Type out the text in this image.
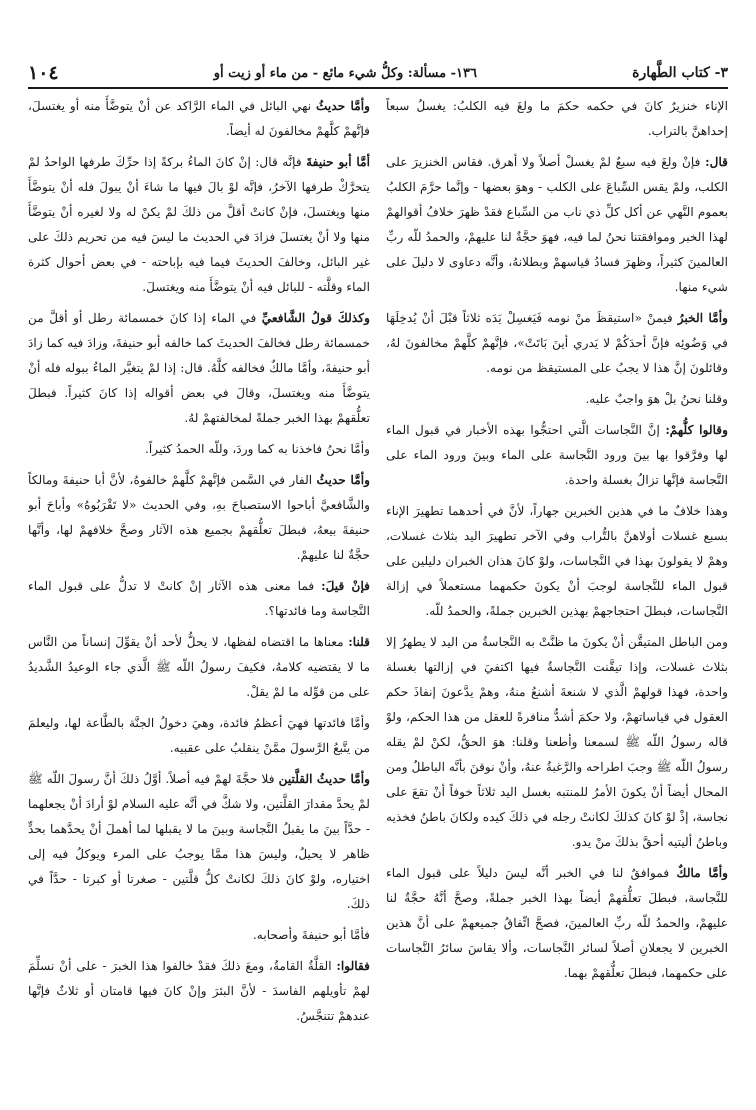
٣- كتاب الطَّهارة
١٣٦- مسألة: وكلُّ شيء مائع - من ماء أو زيت أو
١٠٤

الإناء خنزيرٌ كانَ في حكمه حكمَ ما ولغَ فيه الكلبُ: يغسلُ سبعاً إحداهنَّ بالتراب.

قال: فإنْ ولغَ فيه سبعٌ لمْ يغسلْ أصلاً ولا أهرق. فقاس الخنزيرَ على الكلب، ولمْ يقس السِّباعَ على الكلب - وهوَ بعضها - وإنَّما حرَّمَ الكلبُ بعموم النَّهي عن أكل كلِّ ذي ناب من السِّباع فقدْ ظهرَ خلافُ أقوالهمْ لهذا الخبر وموافقتنا نحنُ لما فيه، فهوَ حجَّةٌ لنا عليهمْ، والحمدُ للّه ربِّ العالمينَ كثيراً، وظهرَ فسادُ قياسهمْ وبطلانهُ، وأنَّه دعاوى لا دليلَ على شيء منها.

وأمَّا الخبرُ فيمنْ «استيقظَ منْ نومه فَيَغسِلْ يَدَه ثلاثاً قبْلَ أنْ يُدخِلَهَا في وَضُوئِه فإنَّ أحدَكُمْ لا يَدري أينَ بَاتَتْ»، فإنَّهمْ كلَّهمْ مخالفونَ لهُ، وقائلونَ إنَّ هذا لا يجبُ على المستيقظ من نومه.

وقلنا نحنُ بلْ هوَ واجبٌ عليه.

وقالوا كلُّهمْ: إنَّ النَّجاسات الَّتي احتجُّوا بهذه الأخبار في قبول الماء لها وفرَّقوا بها بينَ ورود النَّجاسة على الماء وبينَ ورود الماء على النَّجاسة فإنَّها تزالُ بغسلة واحدة.

وهذا خلافٌ ما في هذين الخبرين جهاراً، لأنَّ في أحدهما تطهيرَ الإناء بسبع غسلات أولاهنَّ بالتُّراب وفي الآخر تطهيرَ اليد بثلاث غسلات، وهمْ لا يقولونَ بهذا في النَّجاسات، ولوْ كانَ هذان الخبران دليلين على قبول الماء للنَّجاسة لوجبَ أنْ يكونَ حكمهما مستعملاً في إزالة النَّجاسات، فبطلَ احتجاجهمْ بهذين الخبرين جملةً، والحمدُ للّه.

ومن الباطل المتيقَّن أنْ يكونَ ما ظنَّتْ به النَّجاسةُ من اليد لا يطهرُ إلا بثلاث غسلات، وإذا تيقَّنت النَّجاسةُ فيها اكتفيَ في إزالتها بغسلة واحدة، فهذا قولهمْ الَّذي لا شنعةَ أشنعُ منهُ، وهمْ يدَّعونَ إنفاذَ حكم العقول في قياساتهمْ، ولا حكمَ أشدُّ منافرةً للعقل من هذا الحكم، ولوْ قاله رسولُ اللّه ﷺ لسمعنا وأطعنا وقلنا: هوَ الحقُّ، لكنْ لمْ يقله رسولُ اللّه ﷺ وجبَ اطراحه والرَّغبةُ عنهُ، وأنْ نوقنَ بأنَّه الباطلُ ومن المحال أيضاً أنْ يكونَ الأمرُ للمنتبه بغسل اليد ثلاثاً خوفاً أنْ تقعَ على نجاسة، إذْ لوْ كانَ كذلكَ لكانتْ رجله في ذلكَ كيده ولكانَ باطنُ فخذيه وباطنُ أليتيه أحقَّ بذلكَ منْ يدو.

وأمَّا مالكٌ فموافقٌ لنا في الخبر أنَّه ليسَ دليلاً على قبول الماء للنَّجاسة، فبطلَ تعلُّقهمْ أيضاً بهذا الخبر جملةً، وصحَّ أنَّهُ حجَّةٌ لنا عليهمْ، والحمدُ للّه ربِّ العالمينَ، فصحَّ اتِّفاقُ جميعهمْ على أنَّ هذين الخبرين لا يجعلانِ أصلاً لسائر النَّجاسات، وألا يقاسَ سائرُ النَّجاسات على حكمهما، فبطلَ تعلُّقهمْ بهما.

وأمَّا حديثُ نهي البائل في الماء الرَّاكد عن أنْ يتوضَّأَ منه أو يغتسلَ، فإنَّهمْ كلَّهمْ مخالفونَ له أيضاً.

أمَّا أبو حنيفةَ فإنَّه قال: إنْ كانَ الماءُ بركةً إذا حرِّكَ طرفها الواحدُ لمْ يتحرَّكْ طرفها الآخرُ، فإنَّه لوْ بالَ فيها ما شاءَ أنْ يبولَ فله أنْ يتوضَّأَ منها ويغتسلَ، فإنْ كانتْ أقلَّ من ذلكَ لمْ يكنْ له ولا لغيره أنْ يتوضَّأَ منها ولا أنْ يغتسلَ فزادَ في الحديث ما ليسَ فيه من تحريم ذلكَ على غير البائل، وخالفَ الحديثَ فيما فيه بإباحته - في بعض أحوال كثرة الماء وقلَّته - للبائل فيه أنْ يتوضَّأَ منه ويغتسلَ.

وكذلكَ قولُ الشَّافعيِّ في الماء إذا كانَ خمسمائة رطل أو أقلَّ من خمسمائة رطل فخالفَ الحديثَ كما خالفه أبو حنيفةَ، وزادَ فيه كما زادَ أبو حنيفةَ، وأمَّا مالكٌ فخالفه كلَّهُ. قال: إذا لمْ يتغيَّر الماءُ ببوله فله أنْ يتوضَّأَ منه ويغتسلَ، وقالَ في بعض أقواله إذا كانَ كثيراً. فبطلَ تعلُّقهمْ بهذا الخبر جملةً لمخالفتهمْ لهُ.

وأمَّا نحنُ فاخذنا به كما وردَ، وللّه الحمدُ كثيراً.

وأمَّا حديثُ الفار في السَّمن فإنَّهمْ كلَّهمْ خالفوهُ، لأنَّ أبا حنيفةَ ومالكاً والشَّافعيَّ أباحوا الاستصباحَ بهِ، وفي الحديث «لا تَقْرَبُوهُ» وأباحَ أبو حنيفةَ بيعهُ، فبطلَ تعلُّقهمْ بجميع هذه الآثار وصحَّ خلافهمْ لها، وأنَّها حجَّةٌ لنا عليهمْ.

فإنْ قيلَ: فما معنى هذه الآثار إنْ كانتْ لا تدلُّ على قبول الماء النَّجاسة وما فائدتها؟.

قلنا: معناها ما اقتضاه لفظها، لا يحلُّ لأحد أنْ يقوِّلَ إنساناً من النَّاس ما لا يقتضيه كلامهُ، فكيفَ رسولُ اللّه ﷺ الَّذي جاء الوعيدُ الشَّديدُ على من قوِّله ما لمْ يقلْ.

وأمَّا فائدتها فهيَ أعظمُ فائدة، وهيَ دخولُ الجنَّة بالطَّاعة لها، وليعلمَ من يتَّبعُ الرَّسولَ ممَّنْ ينقلبُ على عقبيه.

وأمَّا حديثُ القلَّتين فلا حجَّةَ لهمْ فيه أصلاً. أوَّلُ ذلكَ أنَّ رسولَ اللّه ﷺ لمْ يحدَّ مقدارَ القلَّتين، ولا شكَّ في أنَّه عليه السلام لوْ أرادَ أنْ يجعلهما - حدَّاً بينَ ما يقبلُ النَّجاسة وبينَ ما لا يقبلها لما أهملَ أنْ يحدَّهما بحدٍّ ظاهر لا يحيلُ، وليسَ هذا ممَّا يوجبُ على المرء ويوكلُ فيه إلى اختياره، ولوْ كانَ ذلكَ لكانتْ كلُّ قلَّتين - صغرتا أو كبرتا - حدَّاً في ذلكَ.

فأمَّا أبو حنيفةَ وأصحابه.

فقالوا: القلَّةُ القامةُ، ومعَ ذلكَ فقدْ خالفوا هذا الخبرَ - على أنْ نسلِّمَ لهمْ تأويلهم الفاسدَ - لأنَّ البئرَ وإنْ كانَ فيها قامتان أو ثلاثٌ فإنَّها عندهمْ تتنجَّسُ.
